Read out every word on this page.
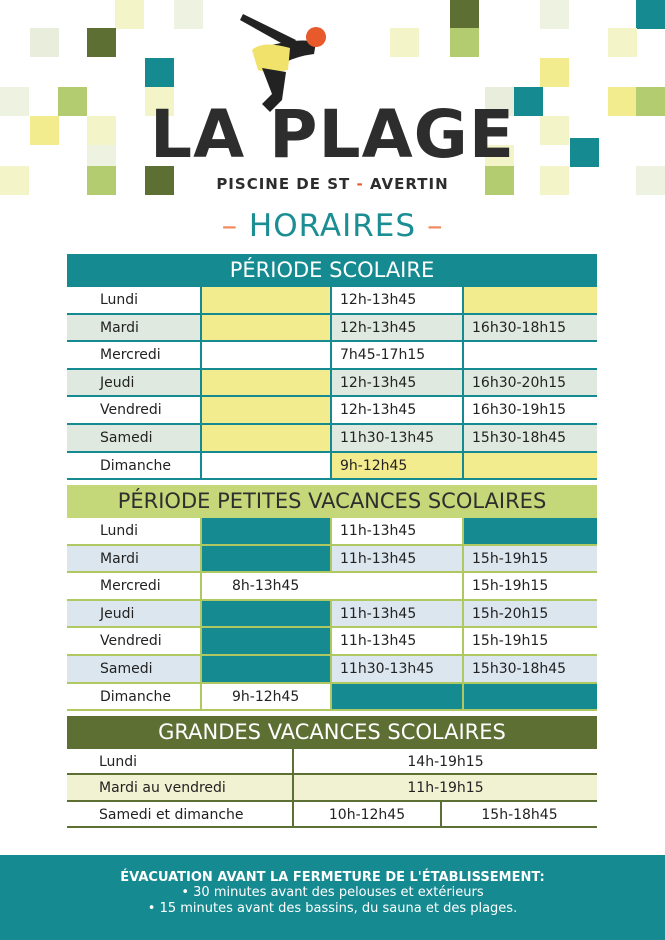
LA PLAGE
PISCINE DE ST - AVERTIN
– HORAIRES –
PÉRIODE SCOLAIRE
Lundi	12h-13h45
Mardi	12h-13h45	16h30-18h15
Mercredi	7h45-17h15
Jeudi	12h-13h45	16h30-20h15
Vendredi	12h-13h45	16h30-19h15
Samedi	11h30-13h45	15h30-18h45
Dimanche	9h-12h45
PÉRIODE PETITES VACANCES SCOLAIRES
Lundi	11h-13h45
Mardi	11h-13h45	15h-19h15
Mercredi	8h-13h45	15h-19h15
Jeudi	11h-13h45	15h-20h15
Vendredi	11h-13h45	15h-19h15
Samedi	11h30-13h45	15h30-18h45
Dimanche	9h-12h45
GRANDES VACANCES SCOLAIRES
Lundi	14h-19h15
Mardi au vendredi	11h-19h15
Samedi et dimanche	10h-12h45	15h-18h45
ÉVACUATION AVANT LA FERMETURE DE L'ÉTABLISSEMENT:
• 30 minutes avant des pelouses et extérieurs
• 15 minutes avant des bassins, du sauna et des plages.
